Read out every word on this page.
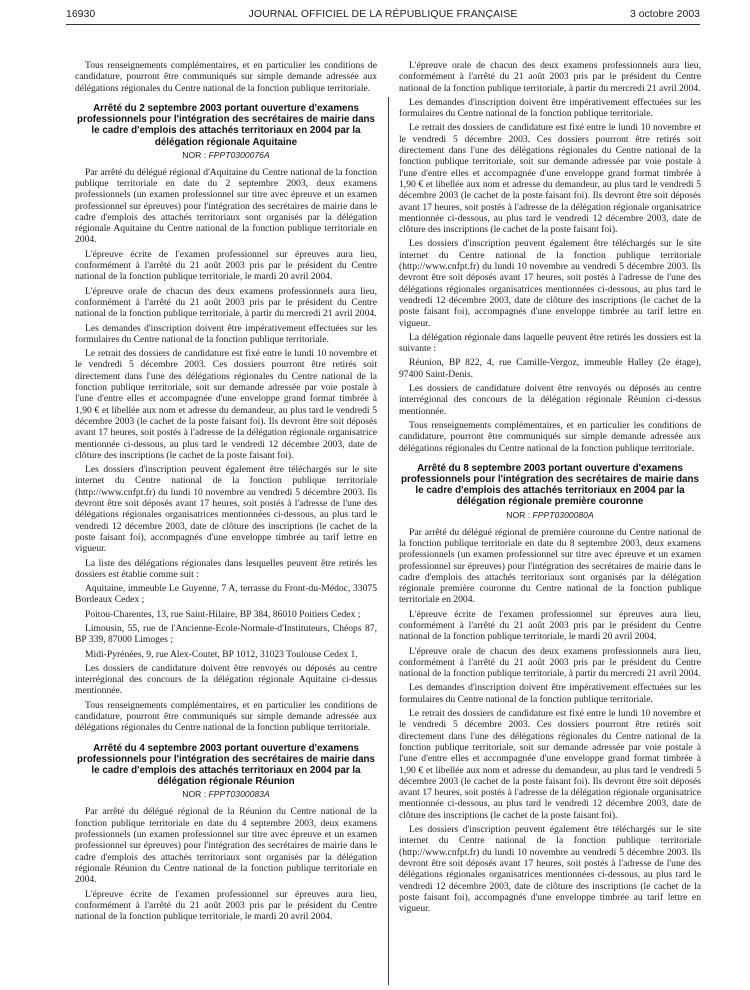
16930	JOURNAL OFFICIEL DE LA RÉPUBLIQUE FRANÇAISE	3 octobre 2003

Tous renseignements complémentaires, et en particulier les conditions de candidature, pourront être communiqués sur simple demande adressée aux délégations régionales du Centre national de la fonction publique territoriale.

Arrêté du 2 septembre 2003 portant ouverture d'examens professionnels pour l'intégration des secrétaires de mairie dans le cadre d'emplois des attachés territoriaux en 2004 par la délégation régionale Aquitaine
NOR : FPPT0300076A

Par arrêté du délégué régional d'Aquitaine du Centre national de la fonction publique territoriale en date du 2 septembre 2003, deux examens professionnels (un examen professionnel sur titre avec épreuve et un examen professionnel sur épreuves) pour l'intégration des secrétaires de mairie dans le cadre d'emplois des attachés territoriaux sont organisés par la délégation régionale Aquitaine du Centre national de la fonction publique territoriale en 2004.

L'épreuve écrite de l'examen professionnel sur épreuves aura lieu, conformément à l'arrêté du 21 août 2003 pris par le président du Centre national de la fonction publique territoriale, le mardi 20 avril 2004.

L'épreuve orale de chacun des deux examens professionnels aura lieu, conformément à l'arrêté du 21 août 2003 pris par le président du Centre national de la fonction publique territoriale, à partir du mercredi 21 avril 2004.

Les demandes d'inscription doivent être impérativement effectuées sur les formulaires du Centre national de la fonction publique territoriale.

Le retrait des dossiers de candidature est fixé entre le lundi 10 novembre et le vendredi 5 décembre 2003. Ces dossiers pourront être retirés soit directement dans l'une des délégations régionales du Centre national de la fonction publique territoriale, soit sur demande adressée par voie postale à l'une d'entre elles et accompagnée d'une enveloppe grand format timbrée à 1,90 € et libellée aux nom et adresse du demandeur, au plus tard le vendredi 5 décembre 2003 (le cachet de la poste faisant foi). Ils devront être soit déposés avant 17 heures, soit postés à l'adresse de la délégation régionale organisatrice mentionnée ci-dessous, au plus tard le vendredi 12 décembre 2003, date de clôture des inscriptions (le cachet de la poste faisant foi).

Les dossiers d'inscription peuvent également être téléchargés sur le site internet du Centre national de la fonction publique territoriale (http://www.cnfpt.fr) du lundi 10 novembre au vendredi 5 décembre 2003. Ils devront être soit déposés avant 17 heures, soit postés à l'adresse de l'une des délégations régionales organisatrices mentionnées ci-dessous, au plus tard le vendredi 12 décembre 2003, date de clôture des inscriptions (le cachet de la poste faisant foi), accompagnés d'une enveloppe timbrée au tarif lettre en vigueur.

La liste des délégations régionales dans lesquelles peuvent être retirés les dossiers est établie comme suit :

Aquitaine, immeuble Le Guyenne, 7 A, terrasse du Front-du-Médoc, 33075 Bordeaux Cedex ;

Poitou-Charentes, 13, rue Saint-Hilaire, BP 384, 86010 Poitiers Cedex ;

Limousin, 55, rue de l'Ancienne-Ecole-Normale-d'Instituteurs, Chéops 87, BP 339, 87000 Limoges ;

Midi-Pyrénées, 9, rue Alex-Coutet, BP 1012, 31023 Toulouse Cedex 1.

Les dossiers de candidature doivent être renvoyés ou déposés au centre interrégional des concours de la délégation régionale Aquitaine ci-dessus mentionnée.

Tous renseignements complémentaires, et en particulier les conditions de candidature, pourront être communiqués sur simple demande adressée aux délégations régionales du Centre national de la fonction publique territoriale.

Arrêté du 4 septembre 2003 portant ouverture d'examens professionnels pour l'intégration des secrétaires de mairie dans le cadre d'emplois des attachés territoriaux en 2004 par la délégation régionale Réunion
NOR : FPPT0300083A

Par arrêté du délégué régional de la Réunion du Centre national de la fonction publique territoriale en date du 4 septembre 2003, deux examens professionnels (un examen professionnel sur titre avec épreuve et un examen professionnel sur épreuves) pour l'intégration des secrétaires de mairie dans le cadre d'emplois des attachés territoriaux sont organisés par la délégation régionale Réunion du Centre national de la fonction publique territoriale en 2004.

L'épreuve écrite de l'examen professionnel sur épreuves aura lieu, conformément à l'arrêté du 21 août 2003 pris par le président du Centre national de la fonction publique territoriale, le mardi 20 avril 2004.

L'épreuve orale de chacun des deux examens professionnels aura lieu, conformément à l'arrêté du 21 août 2003 pris par le président du Centre national de la fonction publique territoriale, à partir du mercredi 21 avril 2004.

Les demandes d'inscription doivent être impérativement effectuées sur les formulaires du Centre national de la fonction publique territoriale.

Le retrait des dossiers de candidature est fixé entre le lundi 10 novembre et le vendredi 5 décembre 2003. Ces dossiers pourront être retirés soit directement dans l'une des délégations régionales du Centre national de la fonction publique territoriale, soit sur demande adressée par voie postale à l'une d'entre elles et accompagnée d'une enveloppe grand format timbrée à 1,90 € et libellée aux nom et adresse du demandeur, au plus tard le vendredi 5 décembre 2003 (le cachet de la poste faisant foi). Ils devront être soit déposés avant 17 heures, soit postés à l'adresse de la délégation régionale organisatrice mentionnée ci-dessous, au plus tard le vendredi 12 décembre 2003, date de clôture des inscriptions (le cachet de la poste faisant foi).

Les dossiers d'inscription peuvent également être téléchargés sur le site internet du Centre national de la fonction publique territoriale (http://www.cnfpt.fr) du lundi 10 novembre au vendredi 5 décembre 2003. Ils devront être soit déposés avant 17 heures, soit postés à l'adresse de l'une des délégations régionales organisatrices mentionnées ci-dessous, au plus tard le vendredi 12 décembre 2003, date de clôture des inscriptions (le cachet de la poste faisant foi), accompagnés d'une enveloppe timbrée au tarif lettre en vigueur.

La délégation régionale dans laquelle peuvent être retirés les dossiers est la suivante :

Réunion, BP 822, 4, rue Camille-Vergoz, immeuble Halley (2e étage), 97400 Saint-Denis.

Les dossiers de candidature doivent être renvoyés ou déposés au centre interrégional des concours de la délégation régionale Réunion ci-dessus mentionnée.

Tous renseignements complémentaires, et en particulier les conditions de candidature, pourront être communiqués sur simple demande adressée aux délégations régionales du Centre national de la fonction publique territoriale.

Arrêté du 8 septembre 2003 portant ouverture d'examens professionnels pour l'intégration des secrétaires de mairie dans le cadre d'emplois des attachés territoriaux en 2004 par la délégation régionale première couronne
NOR : FPPT0300080A

Par arrêté du délégué régional de première couronne du Centre national de la fonction publique territoriale en date du 8 septembre 2003, deux examens professionnels (un examen professionnel sur titre avec épreuve et un examen professionnel sur épreuves) pour l'intégration des secrétaires de mairie dans le cadre d'emplois des attachés territoriaux sont organisés par la délégation régionale première couronne du Centre national de la fonction publique territoriale en 2004.

L'épreuve écrite de l'examen professionnel sur épreuves aura lieu, conformément à l'arrêté du 21 août 2003 pris par le président du Centre national de la fonction publique territoriale, le mardi 20 avril 2004.

L'épreuve orale de chacun des deux examens professionnels aura lieu, conformément à l'arrêté du 21 août 2003 pris par le président du Centre national de la fonction publique territoriale, à partir du mercredi 21 avril 2004.

Les demandes d'inscription doivent être impérativement effectuées sur les formulaires du Centre national de la fonction publique territoriale.

Le retrait des dossiers de candidature est fixé entre le lundi 10 novembre et le vendredi 5 décembre 2003. Ces dossiers pourront être retirés soit directement dans l'une des délégations régionales du Centre national de la fonction publique territoriale, soit sur demande adressée par voie postale à l'une d'entre elles et accompagnée d'une enveloppe grand format timbrée à 1,90 € et libellée aux nom et adresse du demandeur, au plus tard le vendredi 5 décembre 2003 (le cachet de la poste faisant foi). Ils devront être soit déposés avant 17 heures, soit postés à l'adresse de la délégation régionale organisatrice mentionnée ci-dessous, au plus tard le vendredi 12 décembre 2003, date de clôture des inscriptions (le cachet de la poste faisant foi).

Les dossiers d'inscription peuvent également être téléchargés sur le site internet du Centre national de la fonction publique territoriale (http://www.cnfpt.fr) du lundi 10 novembre au vendredi 5 décembre 2003. Ils devront être soit déposés avant 17 heures, soit postés à l'adresse de l'une des délégations régionales organisatrices mentionnées ci-dessous, au plus tard le vendredi 12 décembre 2003, date de clôture des inscriptions (le cachet de la poste faisant foi), accompagnés d'une enveloppe timbrée au tarif lettre en vigueur.
